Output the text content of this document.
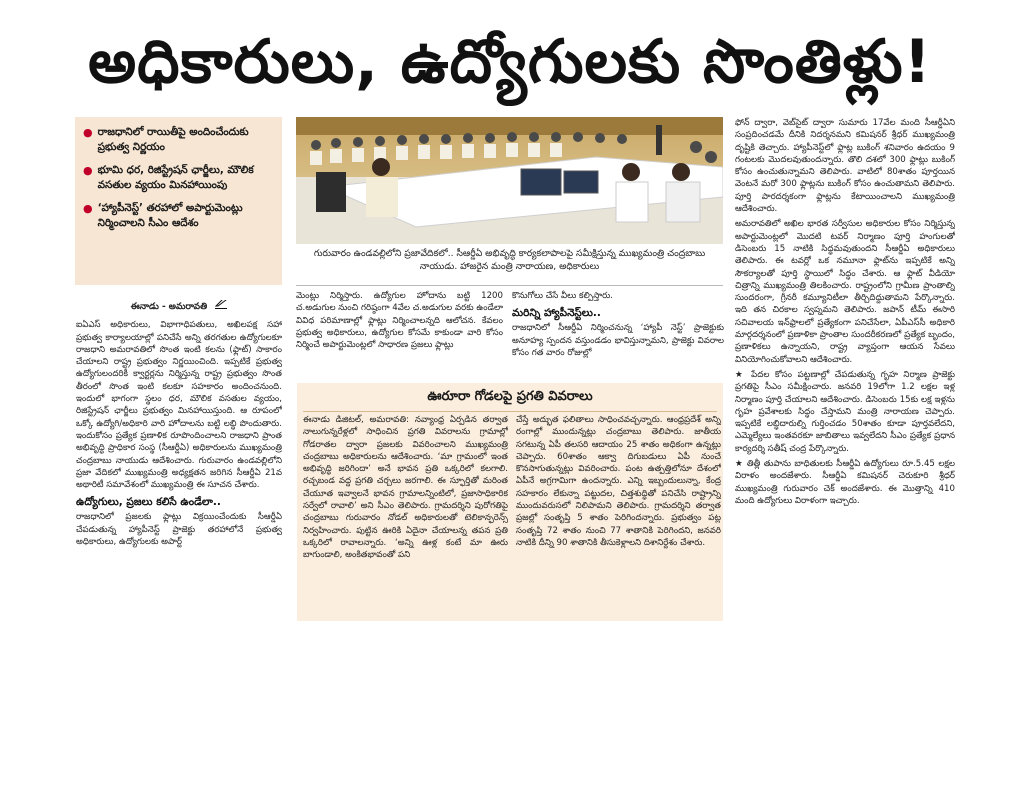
అధికారులు, ఉద్యోగులకు సొంతిళ్లు!
● రాజధానిలో రాయితీపై అందించేందుకు ప్రభుత్వ నిర్ణయం
● భూమి ధర, రిజిస్ట్రేషన్ ఛార్జీలు, మౌలిక వసతుల వ్యయం మినహాయింపు
● ‘హ్యాపీనెస్ట్’ తరహాలో అపార్టుమెంట్లు నిర్మించాలని సీఎం ఆదేశం
ఈనాడు - అమరావతి

ఐఏఎస్ అధికారులు, విభాగాధిపతులు, అఖిలపక్ష సహా ప్రభుత్వ కార్యాలయాల్లో పనిచేసే అన్ని తరగతుల ఉద్యోగులకూ రాజధాని అమరావతిలో సొంత ఇంటి కలను (ఫ్లాట్) సాకారం చేయాలని రాష్ట్ర ప్రభుత్వం నిర్ణయించింది. ఇప్పటికే ప్రభుత్వ ఉద్యోగులందరికీ క్వార్టర్లను నిర్మిస్తున్న రాష్ట్ర ప్రభుత్వం సొంత తీరంలో సొంత ఇంటి కలకూ సహకారం అందించనుంది. ఇందులో భాగంగా స్థలం ధర, మౌలిక వసతుల వ్యయం, రిజిస్ట్రేషన్ ఛార్జీలు ప్రభుత్వం మినహాయిస్తుంది. ఆ రూపంలో ఒక్కో ఉద్యోగి/అధికారి వారి హోదాలను బట్టి లబ్ధి పొందుతారు. ఇందుకోసం ప్రత్యేక ప్రణాళిక రూపొందించాలని రాజధాని ప్రాంత అభివృద్ధి ప్రాధికార సంస్థ (సీఆర్డీఏ) అధికారులను ముఖ్యమంత్రి చంద్రబాబు నాయుడు ఆదేశించారు. గురువారం ఉండవల్లిలోని ప్రజా వేదికలో ముఖ్యమంత్రి అధ్యక్షతన జరిగిన సీఆర్డీఏ 21వ అథారిటీ సమావేశంలో ముఖ్యమంత్రి ఈ సూచన చేశారు.

ఉద్యోగులు, ప్రజలు కలిసే ఉండేలా..

రాజధానిలో ప్రజలకు ఫ్లాట్లు విక్రయించేందుకు సీఆర్డీఏ చేపడుతున్న హ్యాపీనెస్ట్ ప్రాజెక్టు తరహాలోనే ప్రభుత్వ అధికారులు, ఉద్యోగులకు అపార్ట్

గురువారం ఉండవల్లిలోని ప్రజావేదికలో.. సీఆర్డీఏ అభివృద్ధి కార్యకలాపాలపై సమీక్షిస్తున్న ముఖ్యమంత్రి చంద్రబాబు నాయుడు. హాజరైన మంత్రి నారాయణ, అధికారులు

మెంట్లు నిర్మిస్తారు. ఉద్యోగుల హోదాను బట్టి 1200 చ.అడుగుల నుంచి గరిష్ఠంగా 4వేల చ.అడుగుల వరకు ఉండేలా వివిధ పరిమాణాల్లో ఫ్లాట్లు నిర్మించాలన్నది ఆలోచన. కేవలం ప్రభుత్వ అధికారులు, ఉద్యోగుల కోసమే కాకుండా వారి కోసం నిర్మించే అపార్టుమెంట్లలో సాధారణ ప్రజలు ఫ్లాట్లు

కొనుగోలు చేసే వీలు కల్పిస్తారు.

మరిన్ని హ్యాపీనెస్ట్‌లు..

రాజధానిలో సీఆర్డీఏ నిర్మించనున్న ‘హ్యాపీ నెస్ట్’ ప్రాజెక్టుకు అనూహ్య స్పందన వస్తుండడం భావిస్తున్నామని, ప్రాజెక్టు వివరాల కోసం గత వారం రోజుల్లో

ఊరూరా గోడలపై ప్రగతి వివరాలు

ఈనాడు డిజిటల్, అమరావతి: నవ్యాంధ్ర ఏర్పడిన తర్వాత నాలుగున్నరేళ్లలో సాధించిన ప్రగతి వివరాలను గ్రామాల్లో గోడరాతల ద్వారా ప్రజలకు వివరించాలని ముఖ్యమంత్రి చంద్రబాబు అధికారులను ఆదేశించారు. ‘మా గ్రామంలో ఇంత అభివృద్ధి జరిగిందా’ అనే భావన ప్రతి ఒక్కరిలో కలగాలి. రచ్చబండ వద్ద ప్రగతి చర్చలు జరగాలి. ఈ స్ఫూర్తితో మరింత చేయూత ఇవ్వాలనే భావన గ్రామాలన్నింటిలో, ప్రజాసాధికారిక సర్వేలో రావాలి’ అని సీఎం తెలిపారు. గ్రామదర్శిని పురోగతిపై చంద్రబాబు గురువారం నోడల్ అధికారులతో టెలికాన్ఫరెన్స్ నిర్వహించారు. పుట్టిన ఊరికి ఏదైనా చేయాలన్న తపన ప్రతి ఒక్కరిలో రావాలన్నారు. ‘అన్ని ఊళ్ల కంటే మా ఊరు బాగుండాలి, అంకితభావంతో పని

చేస్తే అద్భుత ఫలితాలు సాధించవచ్చన్నారు. ఆంధ్రప్రదేశ్ అన్ని రంగాల్లో ముందున్నట్లు చంద్రబాబు తెలిపారు. జాతీయ సగటున్న ఏపీ తలసరి ఆదాయం 25 శాతం అధికంగా ఉన్నట్లు చెప్పారు. 60శాతం ఆక్వా దిగుబడులు ఏపీ నుంచే కొనసాగుతున్నట్లు వివరించారు. పంట ఉత్పత్తిలోనూ దేశంలో ఏపీనే అగ్రగామిగా ఉందన్నారు. ఎన్ని ఇబ్బందులున్నా, కేంద్ర సహకారం లేకున్నా పట్టుదల, చిత్తశుద్ధితో పనిచేసి రాష్ట్రాన్ని ముందువరుసలో నిలిపామని తెలిపారు. గ్రామదర్శిని తర్వాత ప్రజల్లో సంతృప్తి 5 శాతం పెరిగిందన్నారు. ప్రభుత్వం పట్ల సంతృప్తి 72 శాతం నుంచి 77 శాతానికి పెరిగిందని, జనవరి నాటికి దీన్ని 90 శాతానికి తీసుకెళ్లాలని దిశానిర్దేశం చేశారు.

ఫోన్ ద్వారా, వెబ్‌సైట్ ద్వారా సుమారు 17వేల మంది సీఆర్డీఏని సంప్రదించడమే దీనికి నిదర్శనమని కమిషనర్ శ్రీధర్ ముఖ్యమంత్రి దృష్టికి తెచ్చారు. హ్యాపీనెస్ట్‌లో ఫ్లాట్ల బుకింగ్ శనివారం ఉదయం 9 గంటలకు మొదలవుతుందన్నారు. తొలి దశలో 300 ఫ్లాట్లు బుకింగ్ కోసం ఉంచుతున్నామని తెలిపారు. వాటిలో 80శాతం పూర్తయిన వెంటనే మరో 300 ఫ్లాట్లను బుకింగ్ కోసం ఉంచుతామని తెలిపారు. పూర్తి పారదర్శకంగా ఫ్లాట్లను కేటాయించాలని ముఖ్యమంత్రి ఆదేశించారు.

అమరావతిలో అఖిల భారత సర్వీసుల అధికారుల కోసం నిర్మిస్తున్న అపార్టుమెంట్లలో మొదటి టవర్ నిర్మాణం పూర్తి హంగులతో డిసెంబరు 15 నాటికి సిద్ధమవుతుందని సీఆర్డీఏ అధికారులు తెలిపారు. ఈ టవర్లో ఒక నమూనా ఫ్లాట్‌ను ఇప్పటికే అన్ని సౌకర్యాలతో పూర్తి స్థాయిలో సిద్ధం చేశారు. ఆ ఫ్లాట్ వీడియో చిత్రాన్ని ముఖ్యమంత్రి తిలకించారు. రాష్ట్రంలోని గ్రామీణ ప్రాంతాల్ని సుందరంగా, గ్రీనరీ కమ్యూనిటీలా తీర్చిదిద్దుతామని పేర్కొన్నారు. ఇది తన చిరకాల స్వప్నమని తెలిపారు. జపాన్ టీమ్ ఈసారి సచివాలయ ఇన్‌ఫ్రాలలో ప్రత్యేకంగా పనిచేసేలా, ఏపీఎస్‌సీ అధికారి మార్గదర్శనంలో ప్రణాళికా ప్రాంతాల సుందరీకరణలో ప్రత్యేక బృందం, ప్రణాళికలు ఉన్నాయని, రాష్ట్ర వ్యాప్తంగా ఆయన సేవలు వినియోగించుకోవాలని ఆదేశించారు.

★ పేదల కోసం పట్టణాల్లో చేపడుతున్న గృహ నిర్మాణ ప్రాజెక్టు ప్రగతిపై సీఎం సమీక్షించారు. జనవరి 19లోగా 1.2 లక్షల ఇళ్ల నిర్మాణం పూర్తి చేయాలని ఆదేశించారు. డిసెంబరు 15కు లక్ష ఇళ్లను గృహ ప్రవేశాలకు సిద్ధం చేస్తామని మంత్రి నారాయణ చెప్పారు. ఇప్పటికే లబ్ధిదారుల్ని గుర్తించడం 50శాతం కూడా పూర్తవలేదని, ఎమ్మెల్యేలు ఇంతవరకూ జాబితాలు ఇవ్వలేదని సీఎం ప్రత్యేక ప్రధాన కార్యదర్శి సతీష్ చంద్ర పేర్కొన్నారు.

★ తిత్లీ తుపాను బాధితులకు సీఆర్డీఏ ఉద్యోగులు రూ.5.45 లక్షల విరాళం అందజేశారు. సీఆర్డీఏ కమిషనర్ చెరుకూరి శ్రీధర్ ముఖ్యమంత్రి గురువారం చెక్ అందజేశారు. ఈ మొత్తాన్ని 410 మంది ఉద్యోగులు విరాళంగా ఇచ్చారు.
